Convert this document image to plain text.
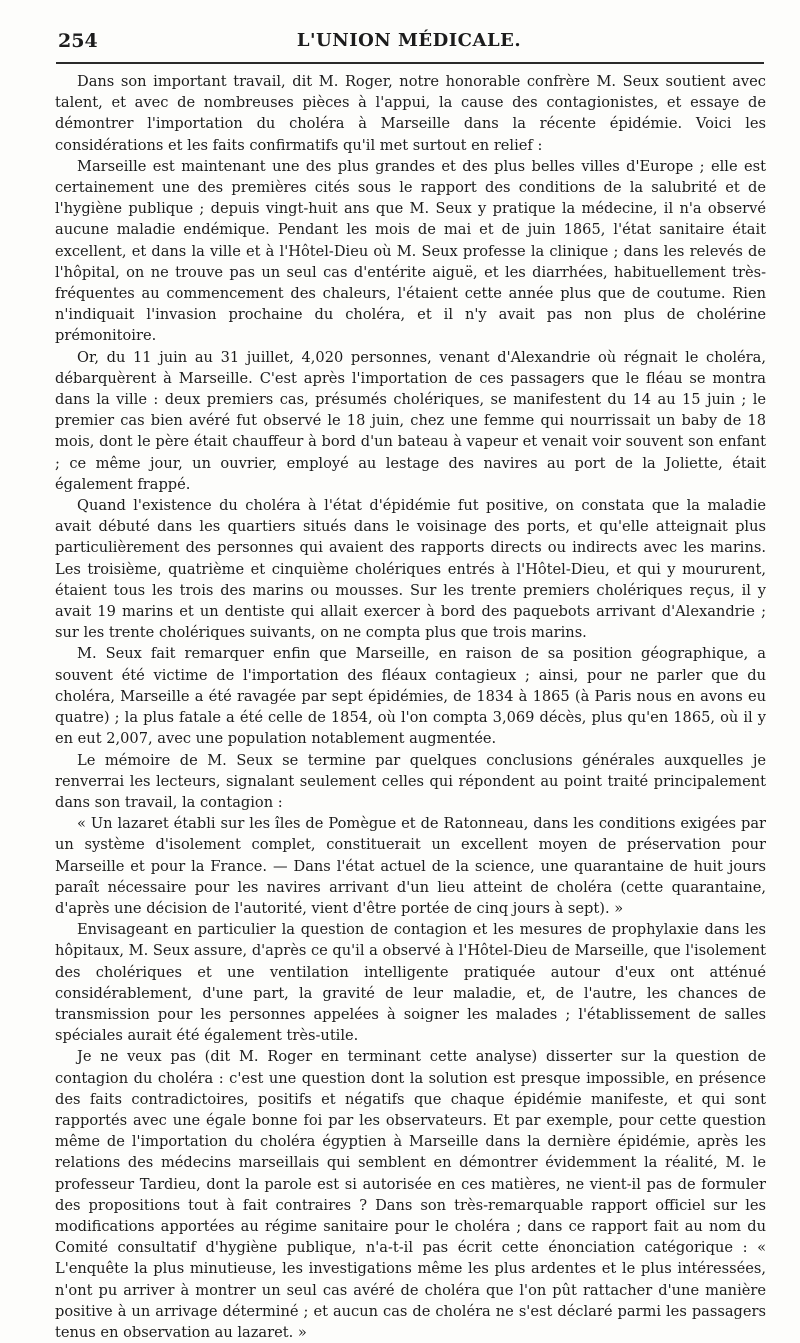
254	L'UNION MÉDICALE.

Dans son important travail, dit M. Roger, notre honorable confrère M. Seux soutient avec talent, et avec de nombreuses pièces à l'appui, la cause des contagionistes, et essaye de démontrer l'importation du choléra à Marseille dans la récente épidémie. Voici les considérations et les faits confirmatifs qu'il met surtout en relief :

Marseille est maintenant une des plus grandes et des plus belles villes d'Europe ; elle est certainement une des premières cités sous le rapport des conditions de la salubrité et de l'hygiène publique ; depuis vingt-huit ans que M. Seux y pratique la médecine, il n'a observé aucune maladie endémique. Pendant les mois de mai et de juin 1865, l'état sanitaire était excellent, et dans la ville et à l'Hôtel-Dieu où M. Seux professe la clinique ; dans les relevés de l'hôpital, on ne trouve pas un seul cas d'entérite aiguë, et les diarrhées, habituellement très-fréquentes au commencement des chaleurs, l'étaient cette année plus que de coutume. Rien n'indiquait l'invasion prochaine du choléra, et il n'y avait pas non plus de cholérine prémonitoire.

Or, du 11 juin au 31 juillet, 4,020 personnes, venant d'Alexandrie où régnait le choléra, débarquèrent à Marseille. C'est après l'importation de ces passagers que le fléau se montra dans la ville : deux premiers cas, présumés cholériques, se manifestent du 14 au 15 juin ; le premier cas bien avéré fut observé le 18 juin, chez une femme qui nourrissait un baby de 18 mois, dont le père était chauffeur à bord d'un bateau à vapeur et venait voir souvent son enfant ; ce même jour, un ouvrier, employé au lestage des navires au port de la Joliette, était également frappé.

Quand l'existence du choléra à l'état d'épidémie fut positive, on constata que la maladie avait débuté dans les quartiers situés dans le voisinage des ports, et qu'elle atteignait plus particulièrement des personnes qui avaient des rapports directs ou indirects avec les marins. Les troisième, quatrième et cinquième cholériques entrés à l'Hôtel-Dieu, et qui y moururent, étaient tous les trois des marins ou mousses. Sur les trente premiers cholériques reçus, il y avait 19 marins et un dentiste qui allait exercer à bord des paquebots arrivant d'Alexandrie ; sur les trente cholériques suivants, on ne compta plus que trois marins.

M. Seux fait remarquer enfin que Marseille, en raison de sa position géographique, a souvent été victime de l'importation des fléaux contagieux ; ainsi, pour ne parler que du choléra, Marseille a été ravagée par sept épidémies, de 1834 à 1865 (à Paris nous en avons eu quatre) ; la plus fatale a été celle de 1854, où l'on compta 3,069 décès, plus qu'en 1865, où il y en eut 2,007, avec une population notablement augmentée.

Le mémoire de M. Seux se termine par quelques conclusions générales auxquelles je renverrai les lecteurs, signalant seulement celles qui répondent au point traité principalement dans son travail, la contagion :

« Un lazaret établi sur les îles de Pomègue et de Ratonneau, dans les conditions exigées par un système d'isolement complet, constituerait un excellent moyen de préservation pour Marseille et pour la France. — Dans l'état actuel de la science, une quarantaine de huit jours paraît nécessaire pour les navires arrivant d'un lieu atteint de choléra (cette quarantaine, d'après une décision de l'autorité, vient d'être portée de cinq jours à sept). »

Envisageant en particulier la question de contagion et les mesures de prophylaxie dans les hôpitaux, M. Seux assure, d'après ce qu'il a observé à l'Hôtel-Dieu de Marseille, que l'isolement des cholériques et une ventilation intelligente pratiquée autour d'eux ont atténué considérablement, d'une part, la gravité de leur maladie, et, de l'autre, les chances de transmission pour les personnes appelées à soigner les malades ; l'établissement de salles spéciales aurait été également très-utile.

Je ne veux pas (dit M. Roger en terminant cette analyse) disserter sur la question de contagion du choléra : c'est une question dont la solution est presque impossible, en présence des faits contradictoires, positifs et négatifs que chaque épidémie manifeste, et qui sont rapportés avec une égale bonne foi par les observateurs. Et par exemple, pour cette question même de l'importation du choléra égyptien à Marseille dans la dernière épidémie, après les relations des médecins marseillais qui semblent en démontrer évidemment la réalité, M. le professeur Tardieu, dont la parole est si autorisée en ces matières, ne vient-il pas de formuler des propositions tout à fait contraires ? Dans son très-remarquable rapport officiel sur les modifications apportées au régime sanitaire pour le choléra ; dans ce rapport fait au nom du Comité consultatif d'hygiène publique, n'a-t-il pas écrit cette énonciation catégorique : « L'enquête la plus minutieuse, les investigations même les plus ardentes et le plus intéressées, n'ont pu arriver à montrer un seul cas avéré de choléra que l'on pût rattacher d'une manière positive à un arrivage déterminé ; et aucun cas de choléra ne s'est déclaré parmi les passagers tenus en observation au lazaret. »
